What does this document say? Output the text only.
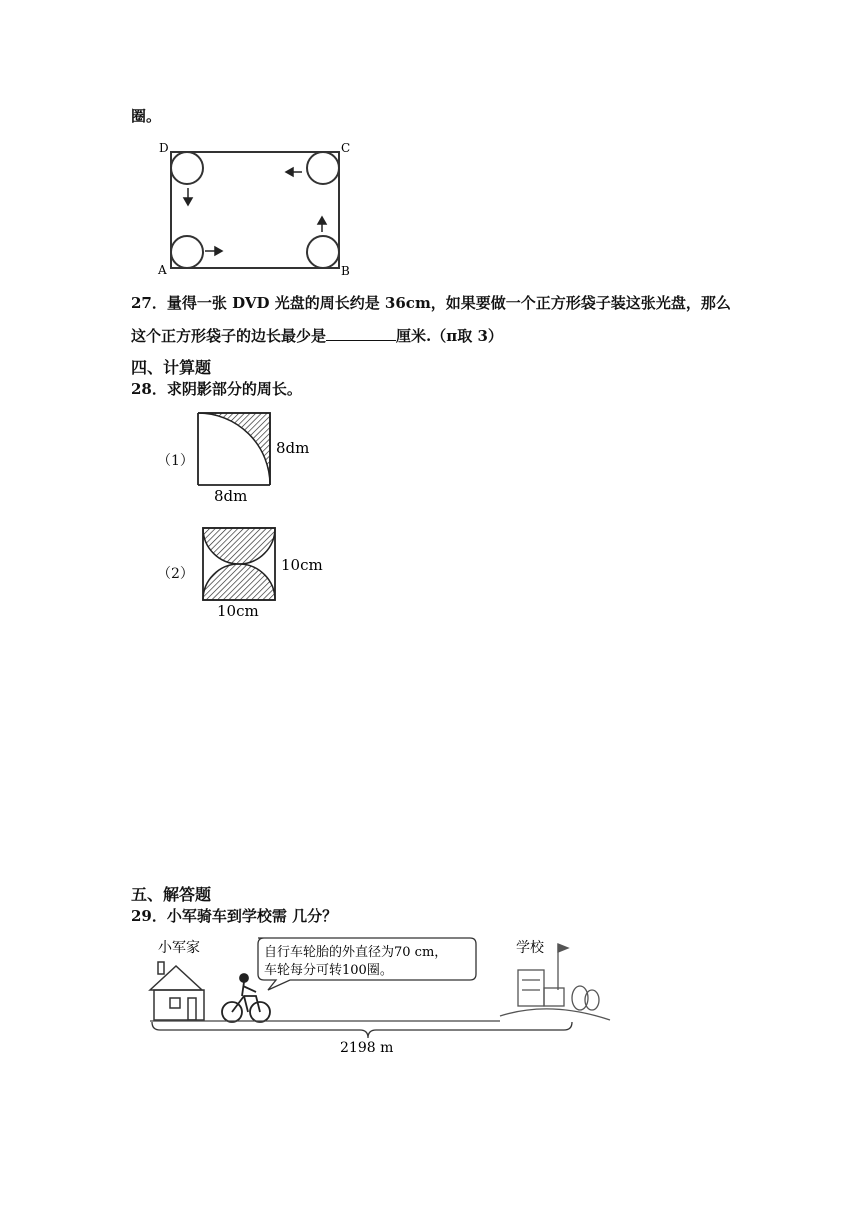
圈。
D	C
A	B
27．量得一张 DVD 光盘的周长约是 36cm，如果要做一个正方形袋子装这张光盘，那么
这个正方形袋子的边长最少是	厘米.（π取 3）
四、计算题
28．求阴影部分的周长。
（1）
8dm
8dm
（2）	10cm
10cm
五、解答题
29．小军骑车到学校需 几分？
小军家	自行车轮胎的外直径为70 cm，
车轮每分可转100圈。
学校
2198 m
